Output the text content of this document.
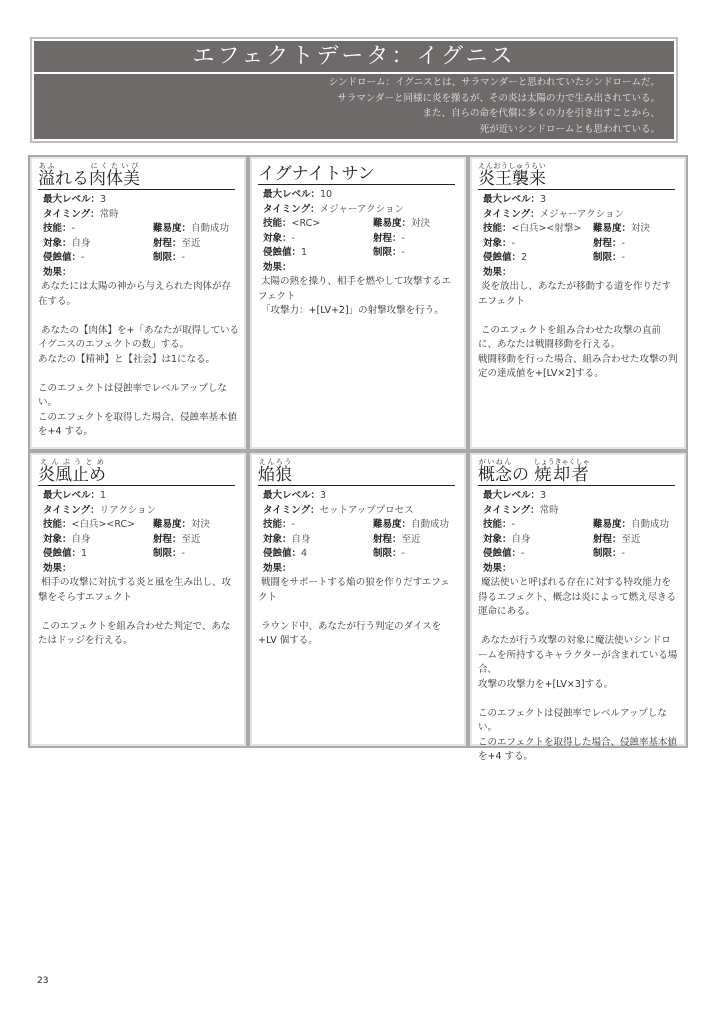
エフェクトデータ：イグニス
シンドローム：イグニスとは、サラマンダーと思われていたシンドロームだ。
サラマンダーと同様に炎を操るが、その炎は太陽の力で生み出されている。
また、自らの命を代償に多くの力を引き出すことから、
死が近いシンドロームとも思われている。
溢あふれる肉体美にくたいび
最大レベル：3
タイミング：常時
技能：-	難易度：自動成功
対象：自身	射程：至近
侵蝕値：-	制限：-
効果：
あなたには太陽の神から与えられた肉体が存在する。

あなたの【肉体】を+「あなたが取得しているイグニスのエフェクトの数」する。
あなたの【精神】と【社会】は1になる。

このエフェクトは侵蝕率でレベルアップしない。
このエフェクトを取得した場合、侵蝕率基本値を+4 する。
イグナイトサン
最大レベル：10
タイミング：メジャーアクション
技能：<RC>	難易度：対決
対象：-	射程：-
侵蝕値：1	制限：-
効果：
太陽の熱を操り、相手を燃やして攻撃するエフェクト
「攻撃力：+[LV+2]」の射撃攻撃を行う。
炎王襲来えんおうしゅうらい
最大レベル：3
タイミング：メジャーアクション
技能：<白兵><射撃>	難易度：対決
対象：-	射程：-
侵蝕値：2	制限：-
効果：
炎を放出し、あなたが移動する道を作りだすエフェクト

このエフェクトを組み合わせた攻撃の直前に、あなたは戦闘移動を行える。
戦闘移動を行った場合、組み合わせた攻撃の判定の達成値を+[LV×2]する。
炎風止めえんぷうとめ
最大レベル：1
タイミング：リアクション
技能：<白兵><RC>	難易度：対決
対象：自身	射程：至近
侵蝕値：1	制限：-
効果：
相手の攻撃に対抗する炎と風を生み出し、攻撃をそらすエフェクト

このエフェクトを組み合わせた判定で、あなたはドッジを行える。
焔狼えんろう
最大レベル：3
タイミング：セットアッププロセス
技能：-	難易度：自動成功
対象：自身	射程：至近
侵蝕値：4	制限：-
効果：
戦闘をサポートする焔の狼を作りだすエフェクト

ラウンド中、あなたが行う判定のダイスを+LV 個する。
概念がいねんの 焼却者しょうきゃくしゃ
最大レベル：3
タイミング：常時
技能：-	難易度：自動成功
対象：自身	射程：至近
侵蝕値：-	制限：-
効果：
魔法使いと呼ばれる存在に対する特攻能力を得るエフェクト、概念は炎によって燃え尽きる運命にある。

あなたが行う攻撃の対象に魔法使いシンドロームを所持するキャラクターが含まれている場合、
攻撃の攻撃力を+[LV×3]する。

このエフェクトは侵蝕率でレベルアップしない。
このエフェクトを取得した場合、侵蝕率基本値を+4 する。
23
